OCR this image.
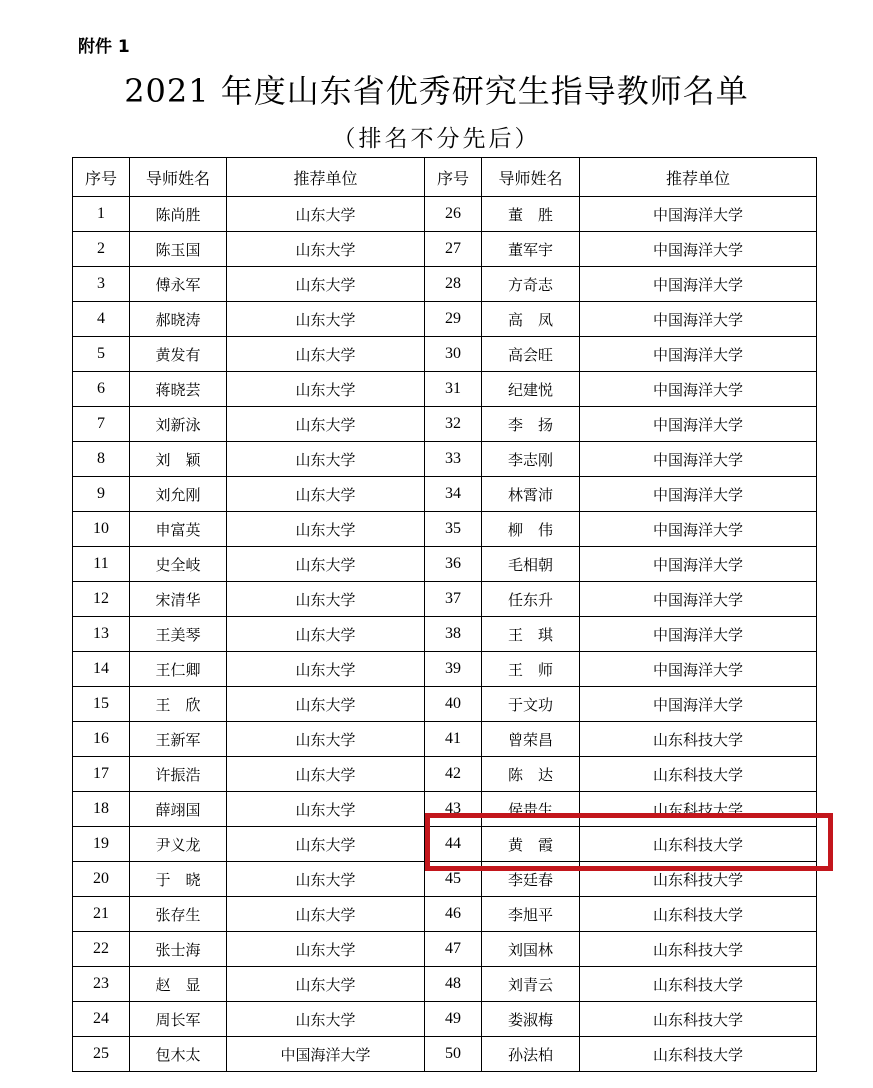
附件 1
2021 年度山东省优秀研究生指导教师名单
（排名不分先后）
序号	导师姓名	推荐单位	序号	导师姓名	推荐单位
1	陈尚胜	山东大学	26	董　胜	中国海洋大学
2	陈玉国	山东大学	27	董军宇	中国海洋大学
3	傅永军	山东大学	28	方奇志	中国海洋大学
4	郝晓涛	山东大学	29	高　凤	中国海洋大学
5	黄发有	山东大学	30	高会旺	中国海洋大学
6	蒋晓芸	山东大学	31	纪建悦	中国海洋大学
7	刘新泳	山东大学	32	李　扬	中国海洋大学
8	刘　颖	山东大学	33	李志刚	中国海洋大学
9	刘允刚	山东大学	34	林霄沛	中国海洋大学
10	申富英	山东大学	35	柳　伟	中国海洋大学
11	史全岐	山东大学	36	毛相朝	中国海洋大学
12	宋清华	山东大学	37	任东升	中国海洋大学
13	王美琴	山东大学	38	王　琪	中国海洋大学
14	王仁卿	山东大学	39	王　师	中国海洋大学
15	王　欣	山东大学	40	于文功	中国海洋大学
16	王新军	山东大学	41	曾荣昌	山东科技大学
17	许振浩	山东大学	42	陈　达	山东科技大学
18	薛翊国	山东大学	43	侯贵生	山东科技大学
19	尹义龙	山东大学	44	黄　霞	山东科技大学
20	于　晓	山东大学	45	李廷春	山东科技大学
21	张存生	山东大学	46	李旭平	山东科技大学
22	张士海	山东大学	47	刘国林	山东科技大学
23	赵　显	山东大学	48	刘青云	山东科技大学
24	周长军	山东大学	49	娄淑梅	山东科技大学
25	包木太	中国海洋大学	50	孙法柏	山东科技大学
